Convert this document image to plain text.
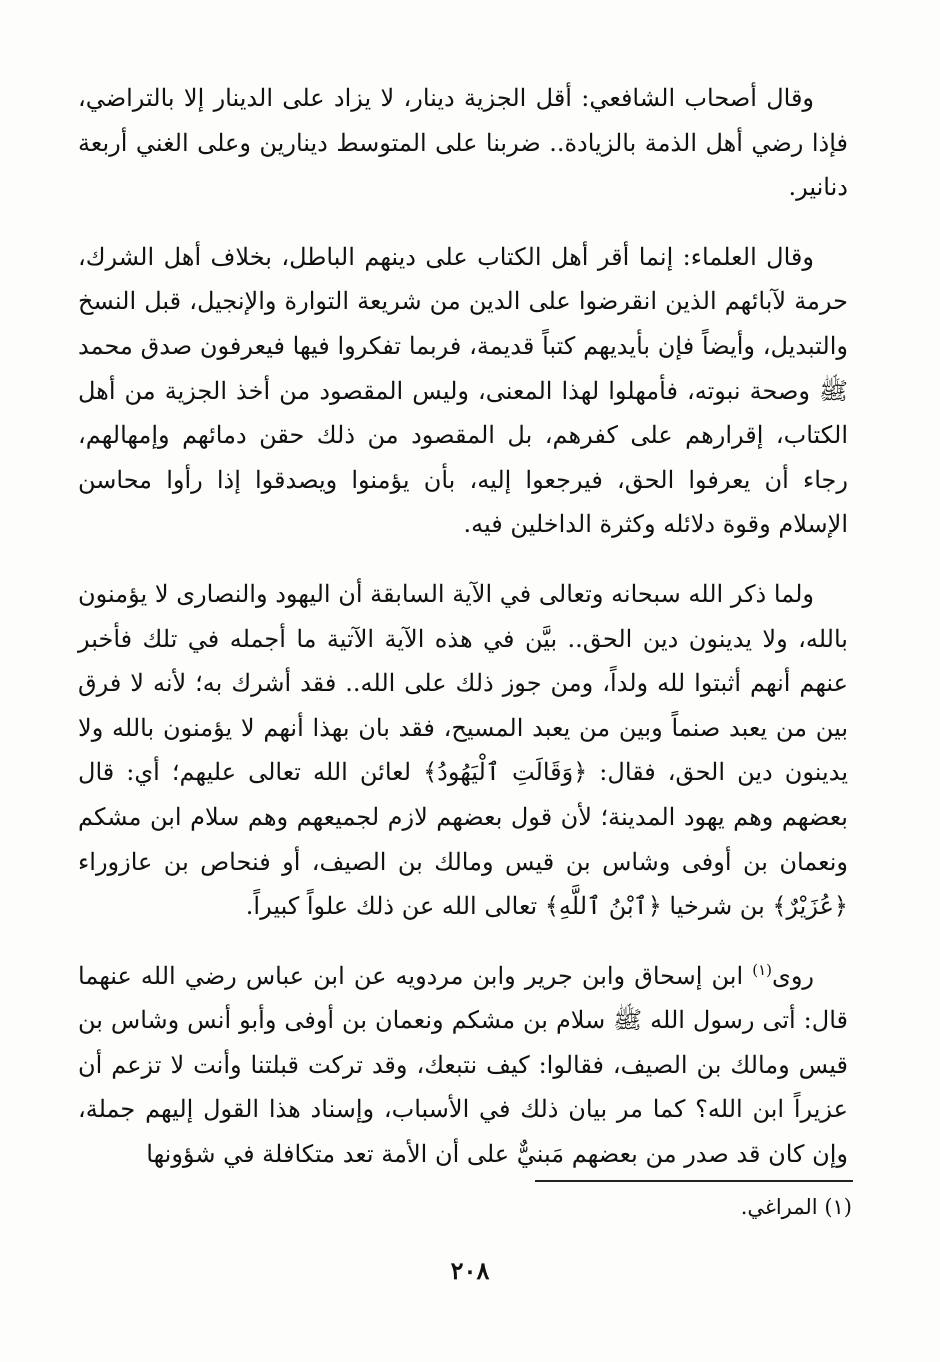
وقال أصحاب الشافعي: أقل الجزية دينار، لا يزاد على الدينار إلا بالتراضي، فإذا رضي أهل الذمة بالزيادة.. ضربنا على المتوسط دينارين وعلى الغني أربعة دنانير.

وقال العلماء: إنما أقر أهل الكتاب على دينهم الباطل، بخلاف أهل الشرك، حرمة لآبائهم الذين انقرضوا على الدين من شريعة التوارة والإنجيل، قبل النسخ والتبديل، وأيضاً فإن بأيديهم كتباً قديمة، فربما تفكروا فيها فيعرفون صدق محمد ﷺ وصحة نبوته، فأمهلوا لهذا المعنى، وليس المقصود من أخذ الجزية من أهل الكتاب، إقرارهم على كفرهم، بل المقصود من ذلك حقن دمائهم وإمهالهم، رجاء أن يعرفوا الحق، فيرجعوا إليه، بأن يؤمنوا ويصدقوا إذا رأوا محاسن الإسلام وقوة دلائله وكثرة الداخلين فيه.

ولما ذكر الله سبحانه وتعالى في الآية السابقة أن اليهود والنصارى لا يؤمنون بالله، ولا يدينون دين الحق.. بيَّن في هذه الآية الآتية ما أجمله في تلك فأخبر عنهم أنهم أثبتوا لله ولداً، ومن جوز ذلك على الله.. فقد أشرك به؛ لأنه لا فرق بين من يعبد صنماً وبين من يعبد المسيح، فقد بان بهذا أنهم لا يؤمنون بالله ولا يدينون دين الحق، فقال: ﴿وَقَالَتِ ٱلْيَهُودُ﴾ لعائن الله تعالى عليهم؛ أي: قال بعضهم وهم يهود المدينة؛ لأن قول بعضهم لازم لجميعهم وهم سلام ابن مشكم ونعمان بن أوفى وشاس بن قيس ومالك بن الصيف، أو فنحاص بن عازوراء ﴿عُزَيْرٌ﴾ بن شرخيا ﴿ٱبْنُ ٱللَّهِ﴾ تعالى الله عن ذلك علواً كبيراً.

روى$^{(١)}$ ابن إسحاق وابن جرير وابن مردويه عن ابن عباس رضي الله عنهما قال: أتى رسول الله ﷺ سلام بن مشكم ونعمان بن أوفى وأبو أنس وشاس بن قيس ومالك بن الصيف، فقالوا: كيف نتبعك، وقد تركت قبلتنا وأنت لا تزعم أن عزيراً ابن الله؟ كما مر بيان ذلك في الأسباب، وإسناد هذا القول إليهم جملة، وإن كان قد صدر من بعضهم مَبنيٌّ على أن الأمة تعد متكافلة في شؤونها

(١) المراغي.
٢٠٨
